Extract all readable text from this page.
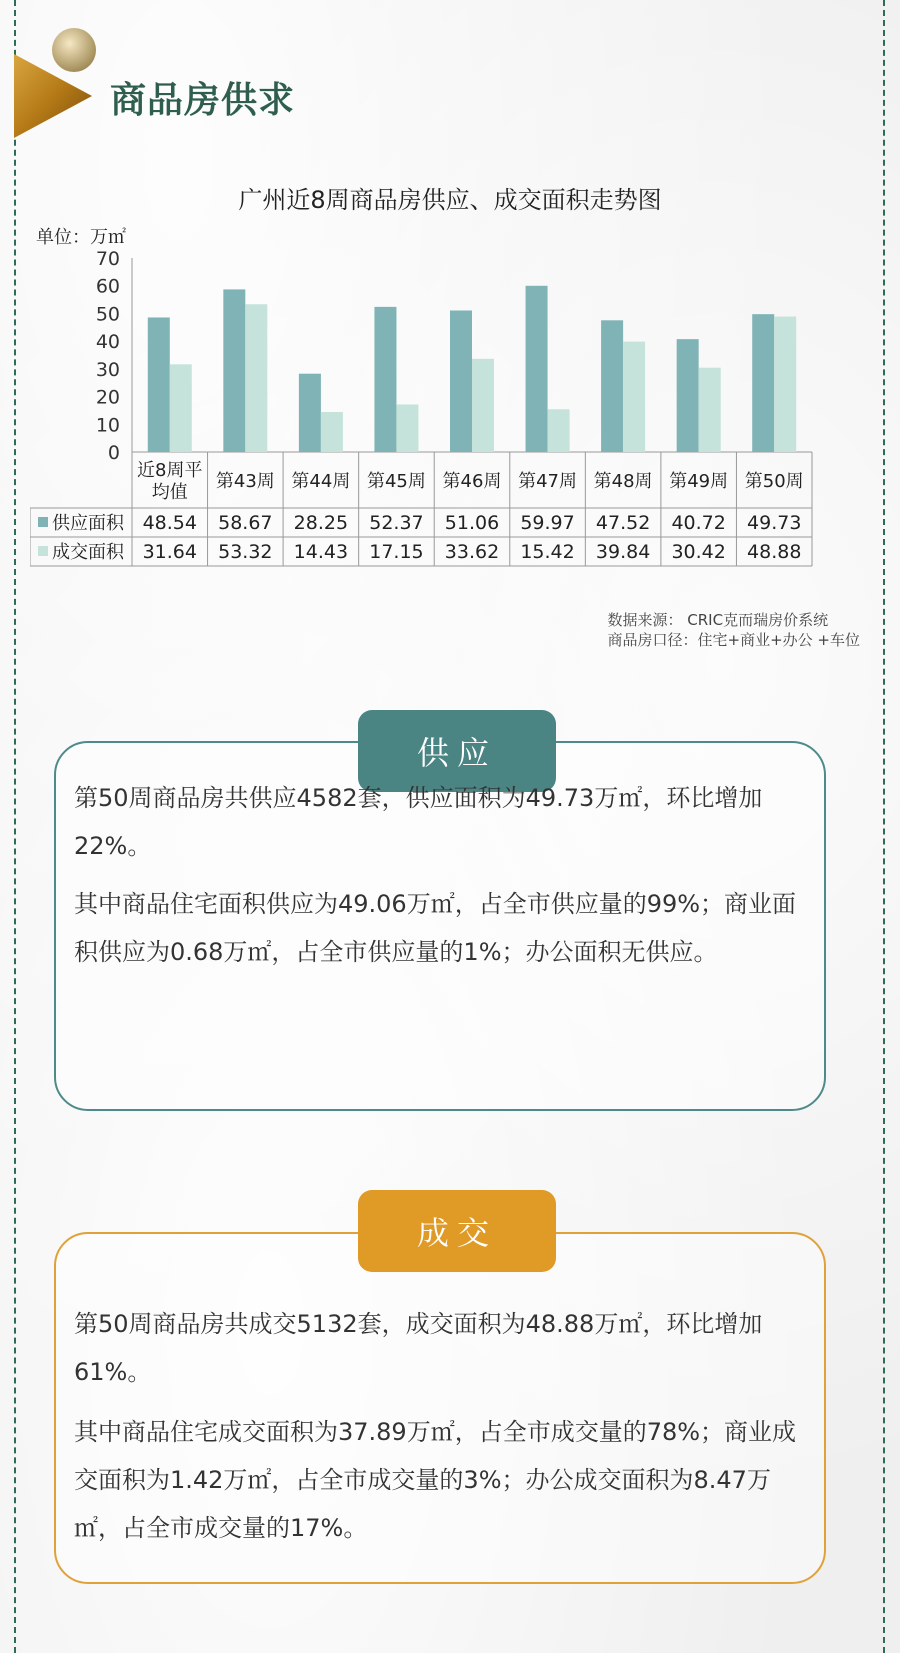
商品房供求
广州近8周商品房供应、成交面积走势图
单位：万㎡
0
10
20
30
40
50
60
70
近8周平
均值
第43周 第44周 第45周 第46周 第47周 第48周 第49周 第50周
供应面积 48.54 58.67 28.25 52.37 51.06 59.97 47.52 40.72 49.73
成交面积 31.64 53.32 14.43 17.15 33.62 15.42 39.84 30.42 48.88
数据来源： CRIC克而瑞房价系统
商品房口径：住宅+商业+办公 +车位
供应
第50周商品房共供应4582套，供应面积为49.73万㎡，环比增加22%。
其中商品住宅面积供应为49.06万㎡，占全市供应量的99%；商业面积供应为0.68万㎡，占全市供应量的1%；办公面积无供应。
成交
第50周商品房共成交5132套，成交面积为48.88万㎡，环比增加61%。
其中商品住宅成交面积为37.89万㎡，占全市成交量的78%；商业成交面积为1.42万㎡，占全市成交量的3%；办公成交面积为8.47万㎡，占全市成交量的17%。
